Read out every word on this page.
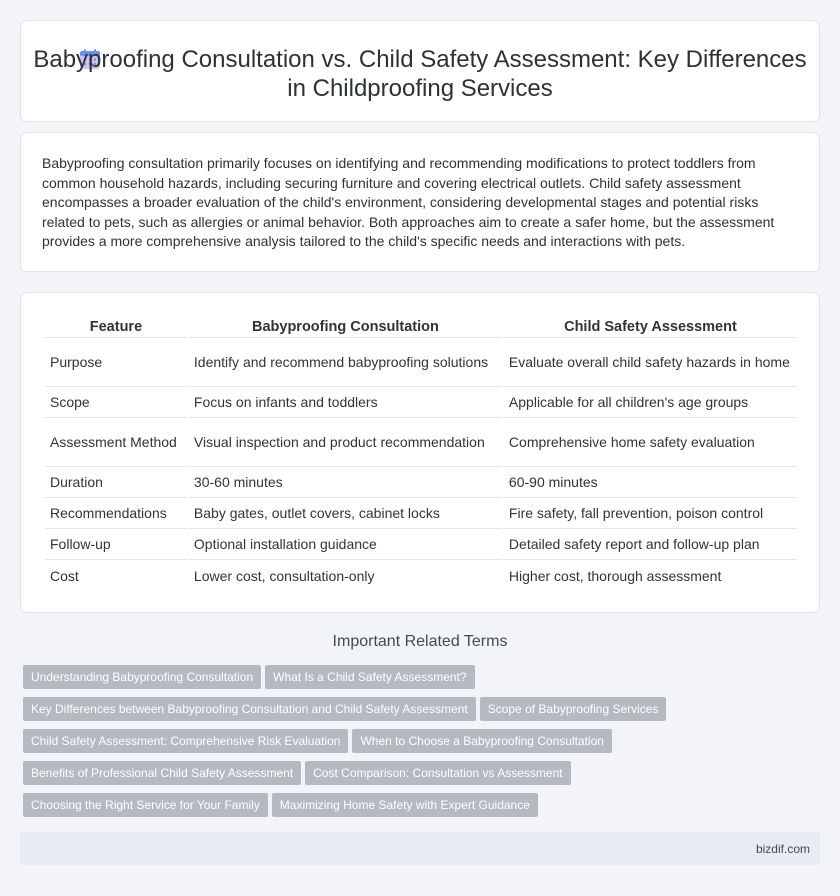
Babyproofing Consultation vs. Child Safety Assessment: Key Differences in Childproofing Services

Babyproofing consultation primarily focuses on identifying and recommending modifications to protect toddlers from common household hazards, including securing furniture and covering electrical outlets. Child safety assessment encompasses a broader evaluation of the child's environment, considering developmental stages and potential risks related to pets, such as allergies or animal behavior. Both approaches aim to create a safer home, but the assessment provides a more comprehensive analysis tailored to the child's specific needs and interactions with pets.

Feature	Babyproofing Consultation	Child Safety Assessment
Purpose	Identify and recommend babyproofing solutions	Evaluate overall child safety hazards in home
Scope	Focus on infants and toddlers	Applicable for all children's age groups
Assessment Method	Visual inspection and product recommendation	Comprehensive home safety evaluation
Duration	30-60 minutes	60-90 minutes
Recommendations	Baby gates, outlet covers, cabinet locks	Fire safety, fall prevention, poison control
Follow-up	Optional installation guidance	Detailed safety report and follow-up plan
Cost	Lower cost, consultation-only	Higher cost, thorough assessment
Important Related Terms
Understanding Babyproofing Consultation What Is a Child Safety Assessment?
Key Differences between Babyproofing Consultation and Child Safety Assessment Scope of Babyproofing Services
Child Safety Assessment: Comprehensive Risk Evaluation When to Choose a Babyproofing Consultation
Benefits of Professional Child Safety Assessment Cost Comparison: Consultation vs Assessment
Choosing the Right Service for Your Family Maximizing Home Safety with Expert Guidance
bizdif.com
